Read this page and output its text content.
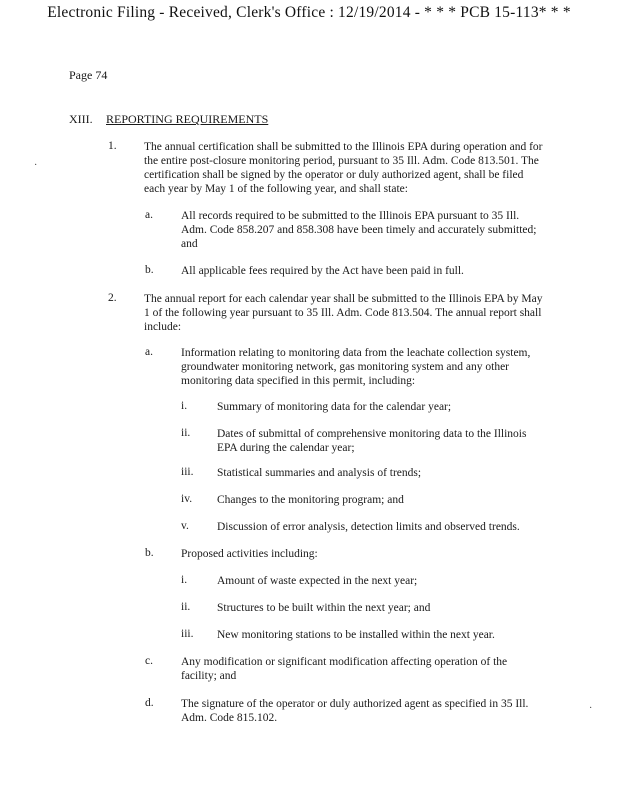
Electronic Filing - Received, Clerk's Office : 12/19/2014 - * * * PCB 15-113* * *
Page 74
XIII. REPORTING REQUIREMENTS
1. The annual certification shall be submitted to the Illinois EPA during operation and for the entire post-closure monitoring period, pursuant to 35 Ill. Adm. Code 813.501. The certification shall be signed by the operator or duly authorized agent, shall be filed each year by May 1 of the following year, and shall state:
a. All records required to be submitted to the Illinois EPA pursuant to 35 Ill. Adm. Code 858.207 and 858.308 have been timely and accurately submitted; and
b. All applicable fees required by the Act have been paid in full.
2. The annual report for each calendar year shall be submitted to the Illinois EPA by May 1 of the following year pursuant to 35 Ill. Adm. Code 813.504. The annual report shall include:
a. Information relating to monitoring data from the leachate collection system, groundwater monitoring network, gas monitoring system and any other monitoring data specified in this permit, including:
i.	Summary of monitoring data for the calendar year;
ii. Dates of submittal of comprehensive monitoring data to the Illinois EPA during the calendar year;
iii. Statistical summaries and analysis of trends;
iv. Changes to the monitoring program; and
v. Discussion of error analysis, detection limits and observed trends.
b. Proposed activities including:
i.	Amount of waste expected in the next year;
ii. Structures to be built within the next year; and
iii. New monitoring stations to be installed within the next year.
c. Any modification or significant modification affecting operation of the facility; and
d. The signature of the operator or duly authorized agent as specified in 35 Ill. Adm. Code 815.102.
·
·
